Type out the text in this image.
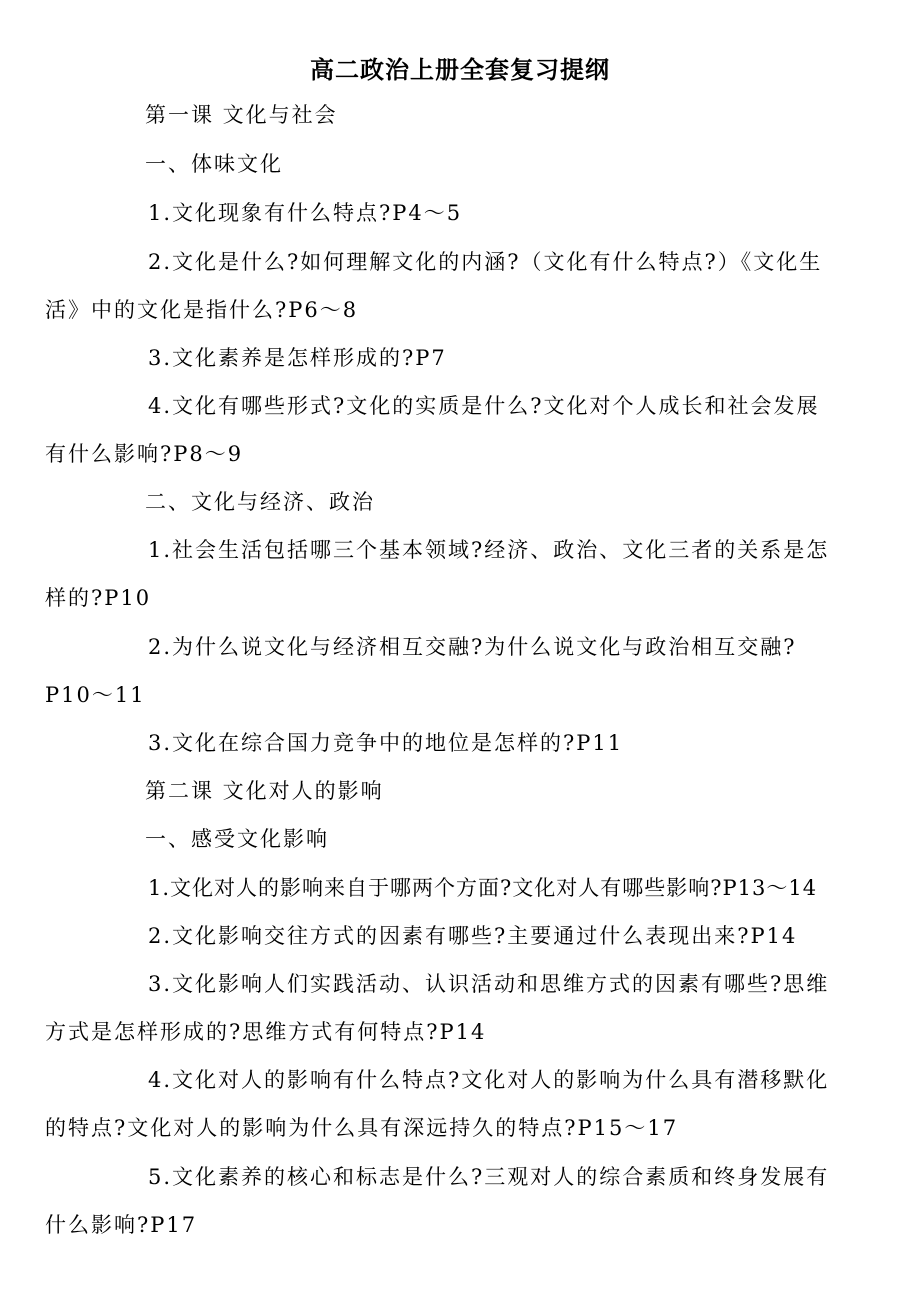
高二政治上册全套复习提纲
第一课 文化与社会
一、体味文化
1.文化现象有什么特点?P4～5
2.文化是什么?如何理解文化的内涵?（文化有什么特点?）《文化生
活》中的文化是指什么?P6～8
3.文化素养是怎样形成的?P7
4.文化有哪些形式?文化的实质是什么?文化对个人成长和社会发展
有什么影响?P8～9
二、文化与经济、政治
1.社会生活包括哪三个基本领域?经济、政治、文化三者的关系是怎
样的?P10
2.为什么说文化与经济相互交融?为什么说文化与政治相互交融?
P10～11
3.文化在综合国力竞争中的地位是怎样的?P11
第二课 文化对人的影响
一、感受文化影响
1.文化对人的影响来自于哪两个方面?文化对人有哪些影响?P13～14
2.文化影响交往方式的因素有哪些?主要通过什么表现出来?P14
3.文化影响人们实践活动、认识活动和思维方式的因素有哪些?思维
方式是怎样形成的?思维方式有何特点?P14
4.文化对人的影响有什么特点?文化对人的影响为什么具有潜移默化
的特点?文化对人的影响为什么具有深远持久的特点?P15～17
5.文化素养的核心和标志是什么?三观对人的综合素质和终身发展有
什么影响?P17
